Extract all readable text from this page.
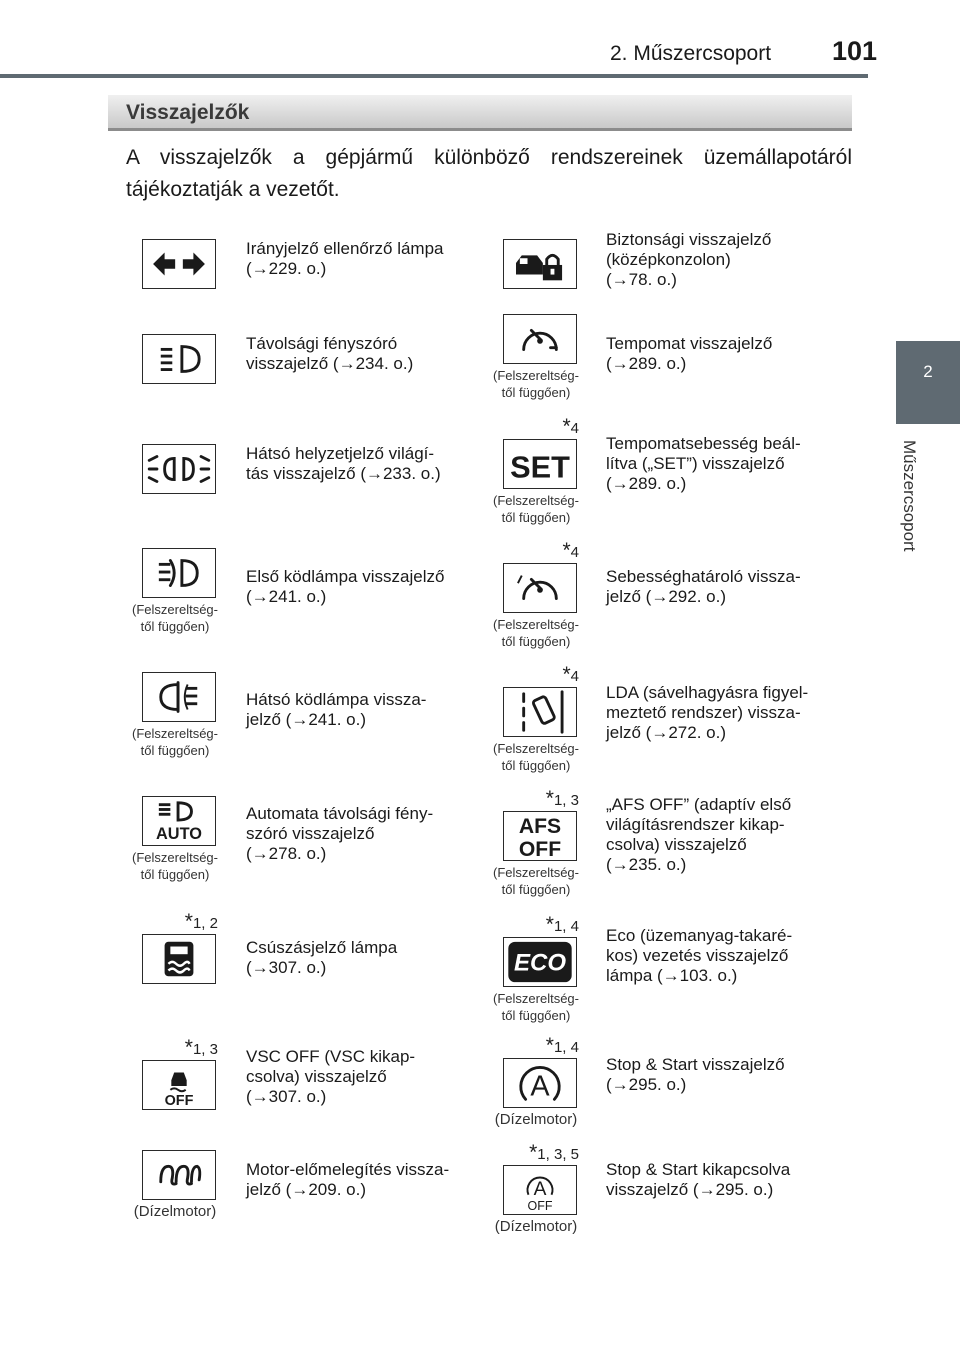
2. Műszercsoport 101
2
Műszercsoport
Visszajelzők
A visszajelzők a gépjármű különböző rendszereinek üzemállapotáról tájékoztatják a vezetőt.
Irányjelző ellenőrző lámpa
(→229. o.)
Távolsági fényszóró
visszajelző (→234. o.)
Hátsó helyzetjelző világí-
tás visszajelző (→233. o.)
(Felszereltség-
től függően)
Első ködlámpa visszajelző
(→241. o.)
(Felszereltség-
től függően)
Hátsó ködlámpa vissza-
jelző (→241. o.)
AUTO
(Felszereltség-
től függően)
Automata távolsági fény-
szóró visszajelző
(→278. o.)
*1, 2
Csúszásjelző lámpa
(→307. o.)
OFF
*1, 3 VSC OFF (VSC kikap-
csolva) visszajelző
(→307. o.)
(Dízelmotor)
Motor-előmelegítés vissza-
jelző (→209. o.)
Biztonsági visszajelző
(középkonzolon)
(→78. o.)
(Felszereltség-
től függően)
Tempomat visszajelző
(→289. o.)
SET
*4
(Felszereltség-
től függően)
Tempomatsebesség beál-
lítva („SET”) visszajelző
(→289. o.)
*4
(Felszereltség-
től függően)
Sebességhatároló vissza-
jelző (→292. o.)
*4
(Felszereltség-
től függően)
LDA (sávelhagyásra figyel-
meztető rendszer) vissza-
jelző (→272. o.)
AFS
OFF
*1, 3
(Felszereltség-
től függően)
„AFS OFF” (adaptív első
világításrendszer kikap-
csolva) visszajelző
(→235. o.)
ECO
*1, 4
(Felszereltség-
től függően)
Eco (üzemanyag-takaré-
kos) vezetés visszajelző
lámpa (→103. o.)
A
*1, 4
(Dízelmotor)
Stop & Start visszajelző
(→295. o.)
A
OFF
*1, 3, 5
(Dízelmotor)
Stop & Start kikapcsolva
visszajelző (→295. o.)
